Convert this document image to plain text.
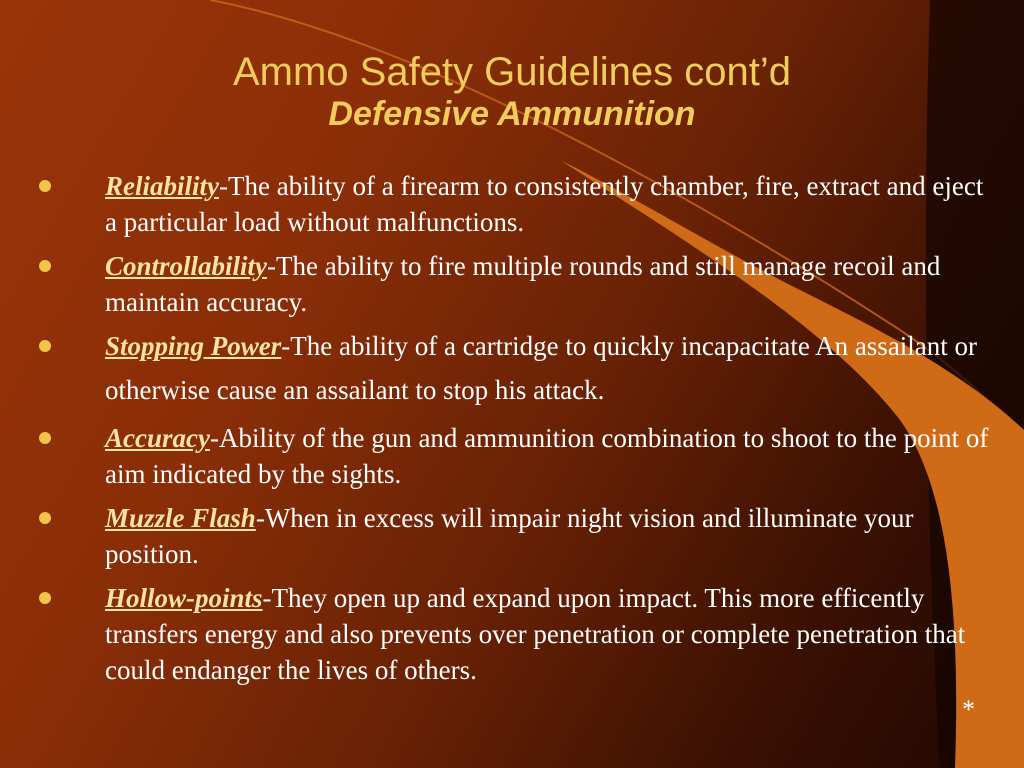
Ammo Safety Guidelines cont’d
Defensive Ammunition
Reliability-The ability of a firearm to consistently chamber, fire, extract and eject a particular load without malfunctions.
Controllability-The ability to fire multiple rounds and still manage recoil and maintain accuracy.
Stopping Power-The ability of a cartridge to quickly incapacitate An assailant or otherwise cause an assailant to stop his attack.
Accuracy-Ability of the gun and ammunition combination to shoot to the point of aim indicated by the sights.
Muzzle Flash-When in excess will impair night vision and illuminate your position.
Hollow-points-They open up and expand upon impact. This more efficently transfers energy and also prevents over penetration or complete penetration that could endanger the lives of others.
*
